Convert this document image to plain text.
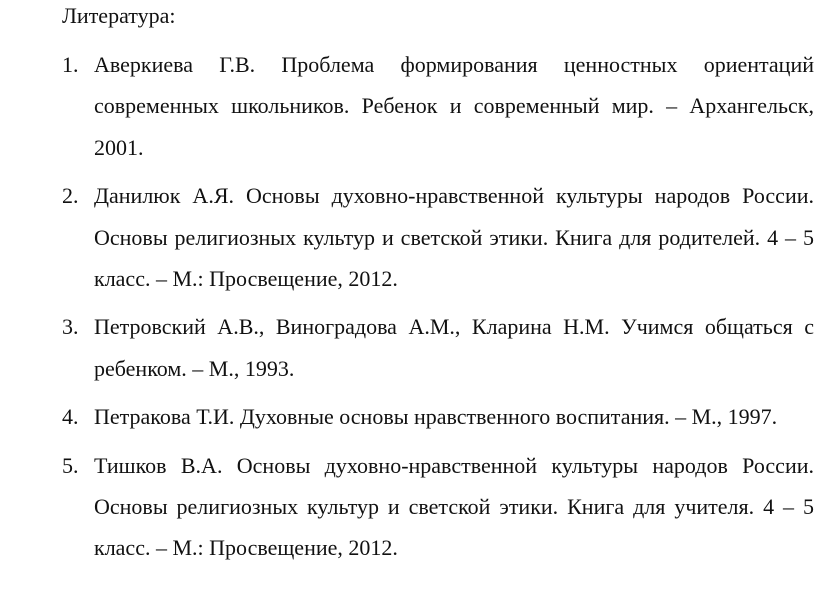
Литература:
1. Аверкиева Г.В. Проблема формирования ценностных ориентаций современных школьников. Ребенок и современный мир. – Архангельск, 2001.
2. Данилюк А.Я. Основы духовно-нравственной культуры народов России. Основы религиозных культур и светской этики. Книга для родителей. 4 – 5 класс. – М.: Просвещение, 2012.
3. Петровский А.В., Виноградова А.М., Кларина Н.М. Учимся общаться с ребенком. – М., 1993.
4. Петракова Т.И. Духовные основы нравственного воспитания. – М., 1997.
5. Тишков В.А. Основы духовно-нравственной культуры народов России. Основы религиозных культур и светской этики. Книга для учителя. 4 – 5 класс. – М.: Просвещение, 2012.
